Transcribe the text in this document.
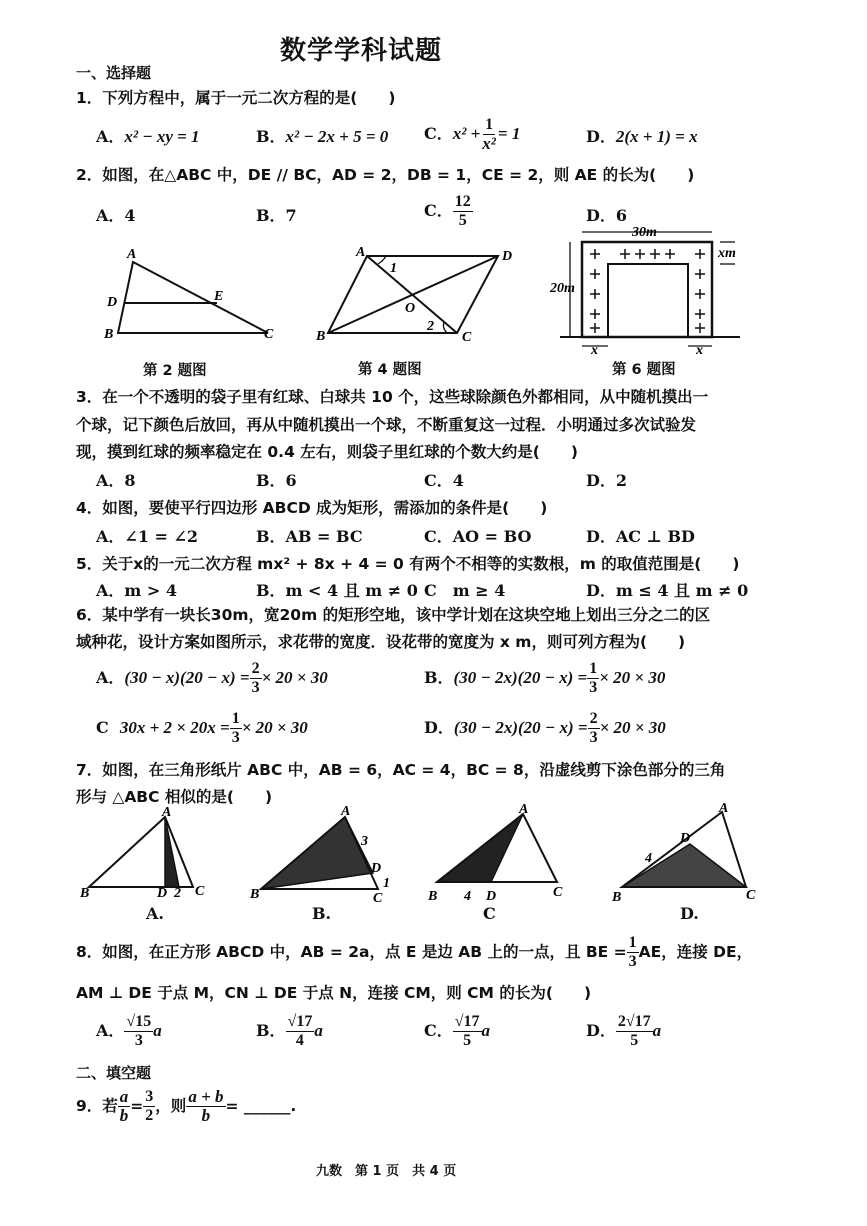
数学学科试题
一、选择题
1．下列方程中，属于一元二次方程的是(　　)
A．x² − xy = 1	B．x² − 2x + 5 = 0 C．$x^2 + \frac{1}{\text{x²}} = 1$	D．2(x + 1) = x
2．如图，在△ABC 中，DE // BC，AD = 2，DB = 1，CE = 2，则 AE 的长为(　　)
A．4	B．7	C． $\frac{12}{5}$	D．6
A
D	E
B	C
第 2 题图
A	D
B	C
O
1
2
第 4 题图
30m
20m
xm
x	x
第 6 题图
3．在一个不透明的袋子里有红球、白球共 10 个，这些球除颜色外都相同，从中随机摸出一
个球，记下颜色后放回，再从中随机摸出一个球，不断重复这一过程．小明通过多次试验发
现，摸到红球的频率稳定在 0.4 左右，则袋子里红球的个数大约是(　　)
A．8	B．6	C．4	D．2
4．如图，要使平行四边形 ABCD 成为矩形，需添加的条件是(　　)
A．∠1 = ∠2	B．AB = BC	C．AO = BO	D．AC ⊥ BD
5．关于x的一元二次方程 mx² + 8x + 4 = 0 有两个不相等的实数根，m 的取值范围是(　　)
A．m > 4	B．m < 4 且 m ≠ 0 C　m ≥ 4	D．m ≤ 4 且 m ≠ 0
6．某中学有一块长30m，宽20m 的矩形空地，该中学计划在这块空地上划出三分之二的区
域种花，设计方案如图所示，求花带的宽度．设花带的宽度为 x m，则可列方程为(　　)
A．$(30 - x)(20 - x) = \frac{2}{3} \times 20 \times 30$	B．$(30 - 2x)(20 - x) = \frac{1}{3} \times 20 \times 30$
C $30x + 2 \times 20x = \frac{1}{3} \times 20 \times 30$	D．$(30 - 2x)(20 - x) = \frac{2}{3} \times 20 \times 30$
7．如图，在三角形纸片 ABC 中，AB = 6，AC = 4，BC = 8，沿虚线剪下涂色部分的三角
形与 △ABC 相似的是(　　)
A
B	D 2 C
A.
A
3
D
1
B	C
B.
A
B 4 D	C
C
A
D
4
B	C
D.
8．如图，在正方形 ABCD 中，AB = 2a，点 E 是边 AB 上的一点，且 BE = $\frac{1}{3}$ AE，连接 DE，
AM ⊥ DE 于点 M，CN ⊥ DE 于点 N，连接 CM，则 CM 的长为(　　)
A． $\frac{√15}{3}$ a	B． $\frac{√17}{4}$ a	C． $\frac{√17}{5}$ a	D． $\frac{2√17}{5}$ a
二、填空题
9．若 $\frac{a}{b} = \frac{3}{2}$ ，则 $\frac{a + b}{b}$ = ______.
九数　第 1 页　共 4 页
